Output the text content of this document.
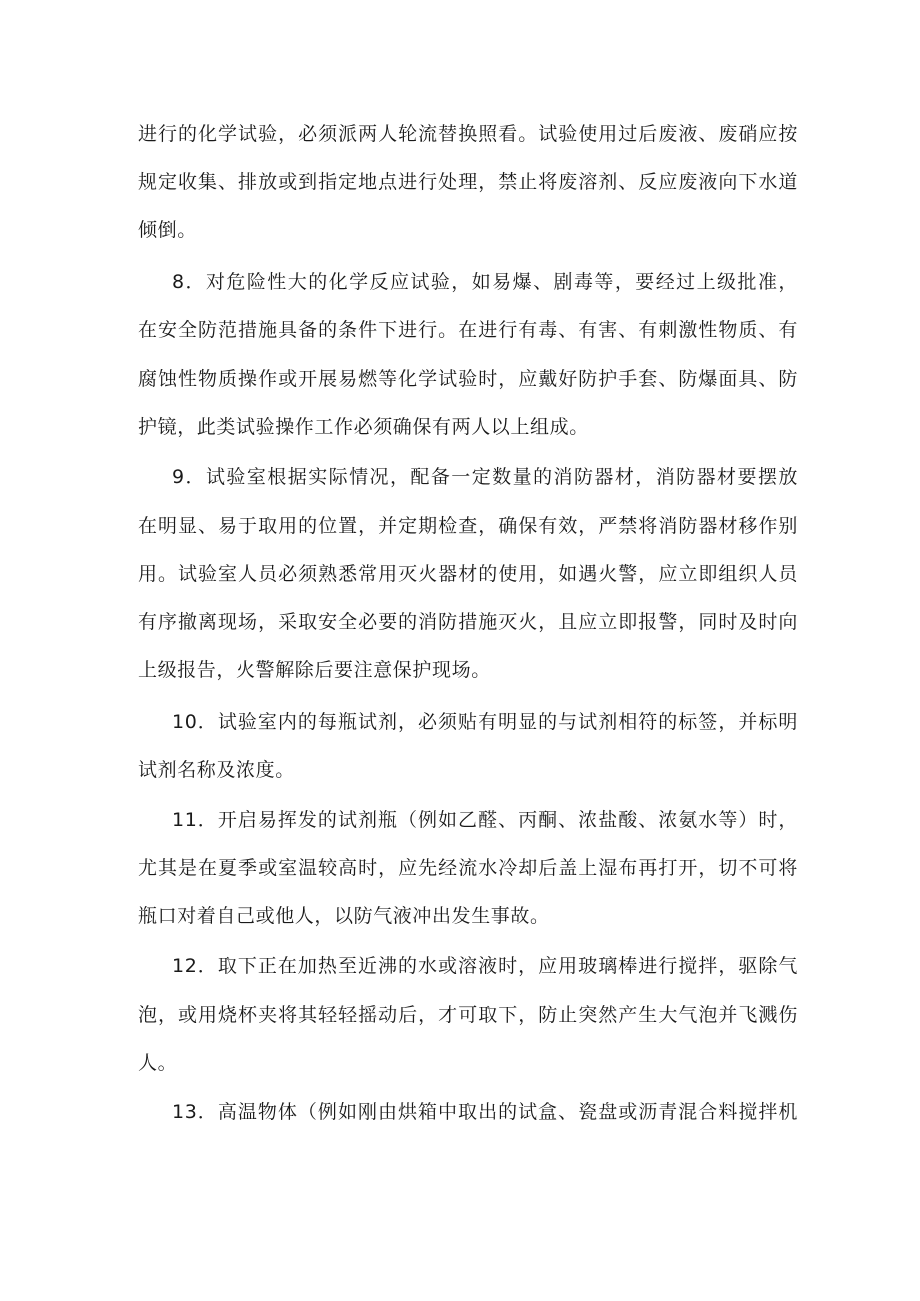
进行的化学试验，必须派两人轮流替换照看。试验使用过后废液、废硝应按
规定收集、排放或到指定地点进行处理，禁止将废溶剂、反应废液向下水道
倾倒。
8．对危险性大的化学反应试验，如易爆、剧毒等，要经过上级批准，
在安全防范措施具备的条件下进行。在进行有毒、有害、有刺激性物质、有
腐蚀性物质操作或开展易燃等化学试验时，应戴好防护手套、防爆面具、防
护镜，此类试验操作工作必须确保有两人以上组成。
9．试验室根据实际情况，配备一定数量的消防器材，消防器材要摆放
在明显、易于取用的位置，并定期检查，确保有效，严禁将消防器材移作别
用。试验室人员必须熟悉常用灭火器材的使用，如遇火警，应立即组织人员
有序撤离现场，采取安全必要的消防措施灭火，且应立即报警，同时及时向
上级报告，火警解除后要注意保护现场。
10．试验室内的每瓶试剂，必须贴有明显的与试剂相符的标签，并标明
试剂名称及浓度。
11．开启易挥发的试剂瓶（例如乙醛、丙酮、浓盐酸、浓氨水等）时，
尤其是在夏季或室温较高时，应先经流水冷却后盖上湿布再打开，切不可将
瓶口对着自己或他人，以防气液冲出发生事故。
12．取下正在加热至近沸的水或溶液时，应用玻璃棒进行搅拌，驱除气
泡，或用烧杯夹将其轻轻摇动后，才可取下，防止突然产生大气泡并飞溅伤
人。
13．高温物体（例如刚由烘箱中取出的试盒、瓷盘或沥青混合料搅拌机
